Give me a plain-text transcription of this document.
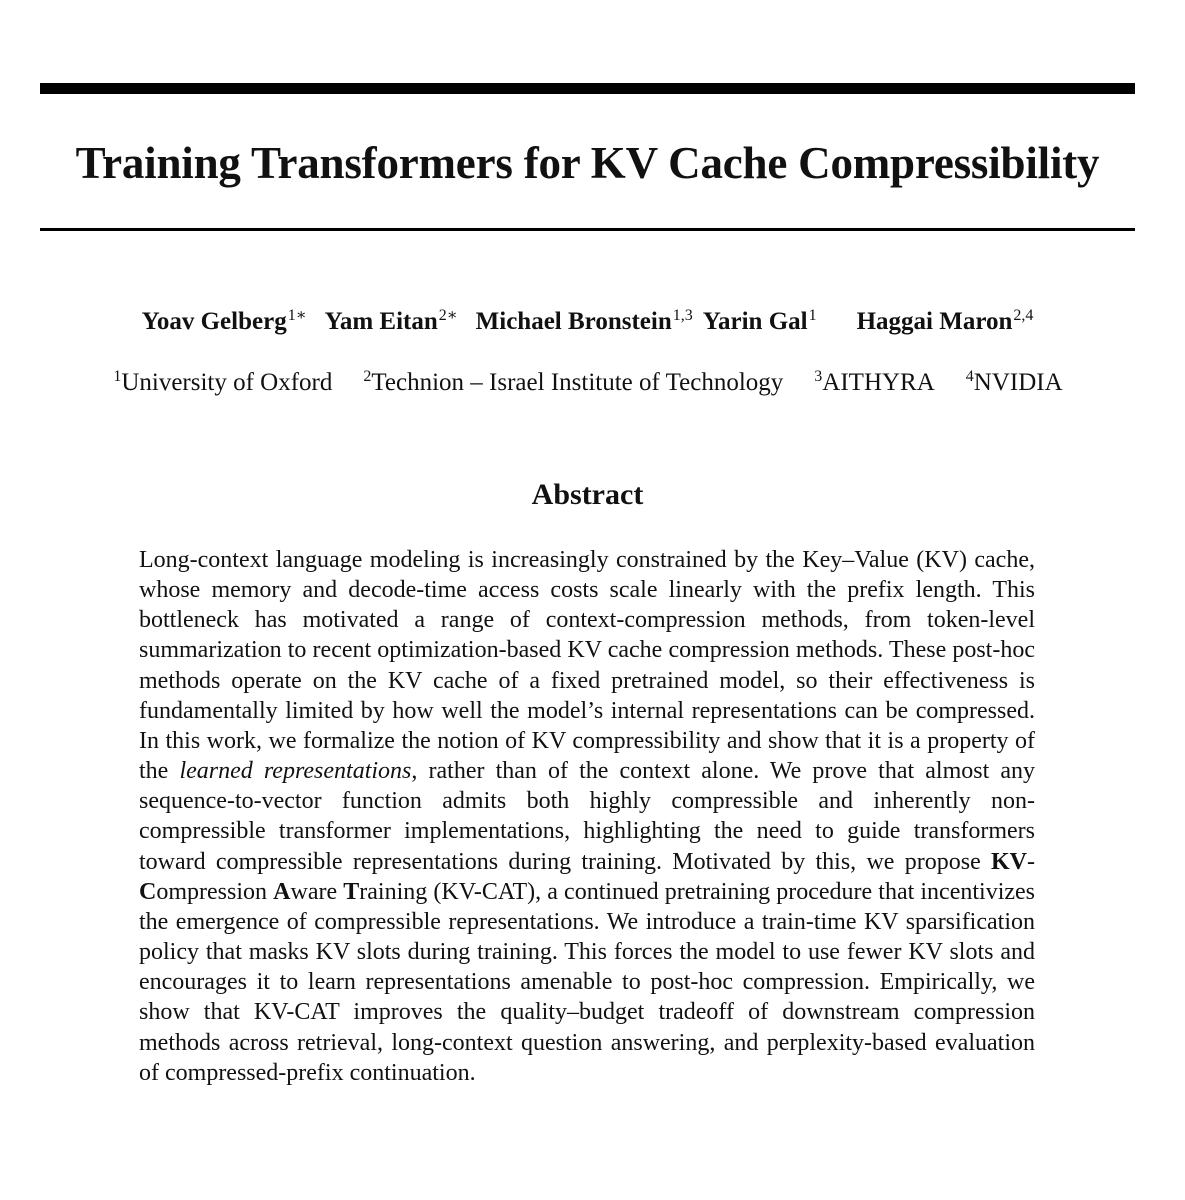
Training Transformers for KV Cache Compressibility
Yoav Gelberg$^{1∗}$ Yam Eitan$^{2∗}$ Michael Bronstein$^{1,3}$ Yarin Gal$^1$ Haggai Maron$^{2,4}$
$^1$University of Oxford $^2$Technion – Israel Institute of Technology $^3$AITHYRA $^4$NVIDIA
Abstract
Long-context language modeling is increasingly constrained by the Key–Value (KV) cache, whose memory and decode-time access costs scale linearly with the prefix length. This bottleneck has motivated a range of context-compression methods, from token-level summarization to recent optimization-based KV cache compression methods. These post-hoc methods operate on the KV cache of a fixed pretrained model, so their effectiveness is fundamentally limited by how well the model’s internal representations can be compressed. In this work, we formalize the notion of KV compressibility and show that it is a property of the learned representations, rather than of the context alone. We prove that almost any sequence-to-vector function admits both highly compressible and inherently non-compressible transformer implementations, highlighting the need to guide transformers toward compressible representations during training. Motivated by this, we propose KV-Compression Aware Training (KV-CAT), a continued pretraining procedure that incentivizes the emergence of compressible representations. We introduce a train-time KV sparsification policy that masks KV slots during training. This forces the model to use fewer KV slots and encourages it to learn representations amenable to post-hoc compression. Empirically, we show that KV-CAT improves the quality–budget tradeoff of downstream compression methods across retrieval, long-context question answering, and perplexity-based evaluation of compressed-prefix continuation.
